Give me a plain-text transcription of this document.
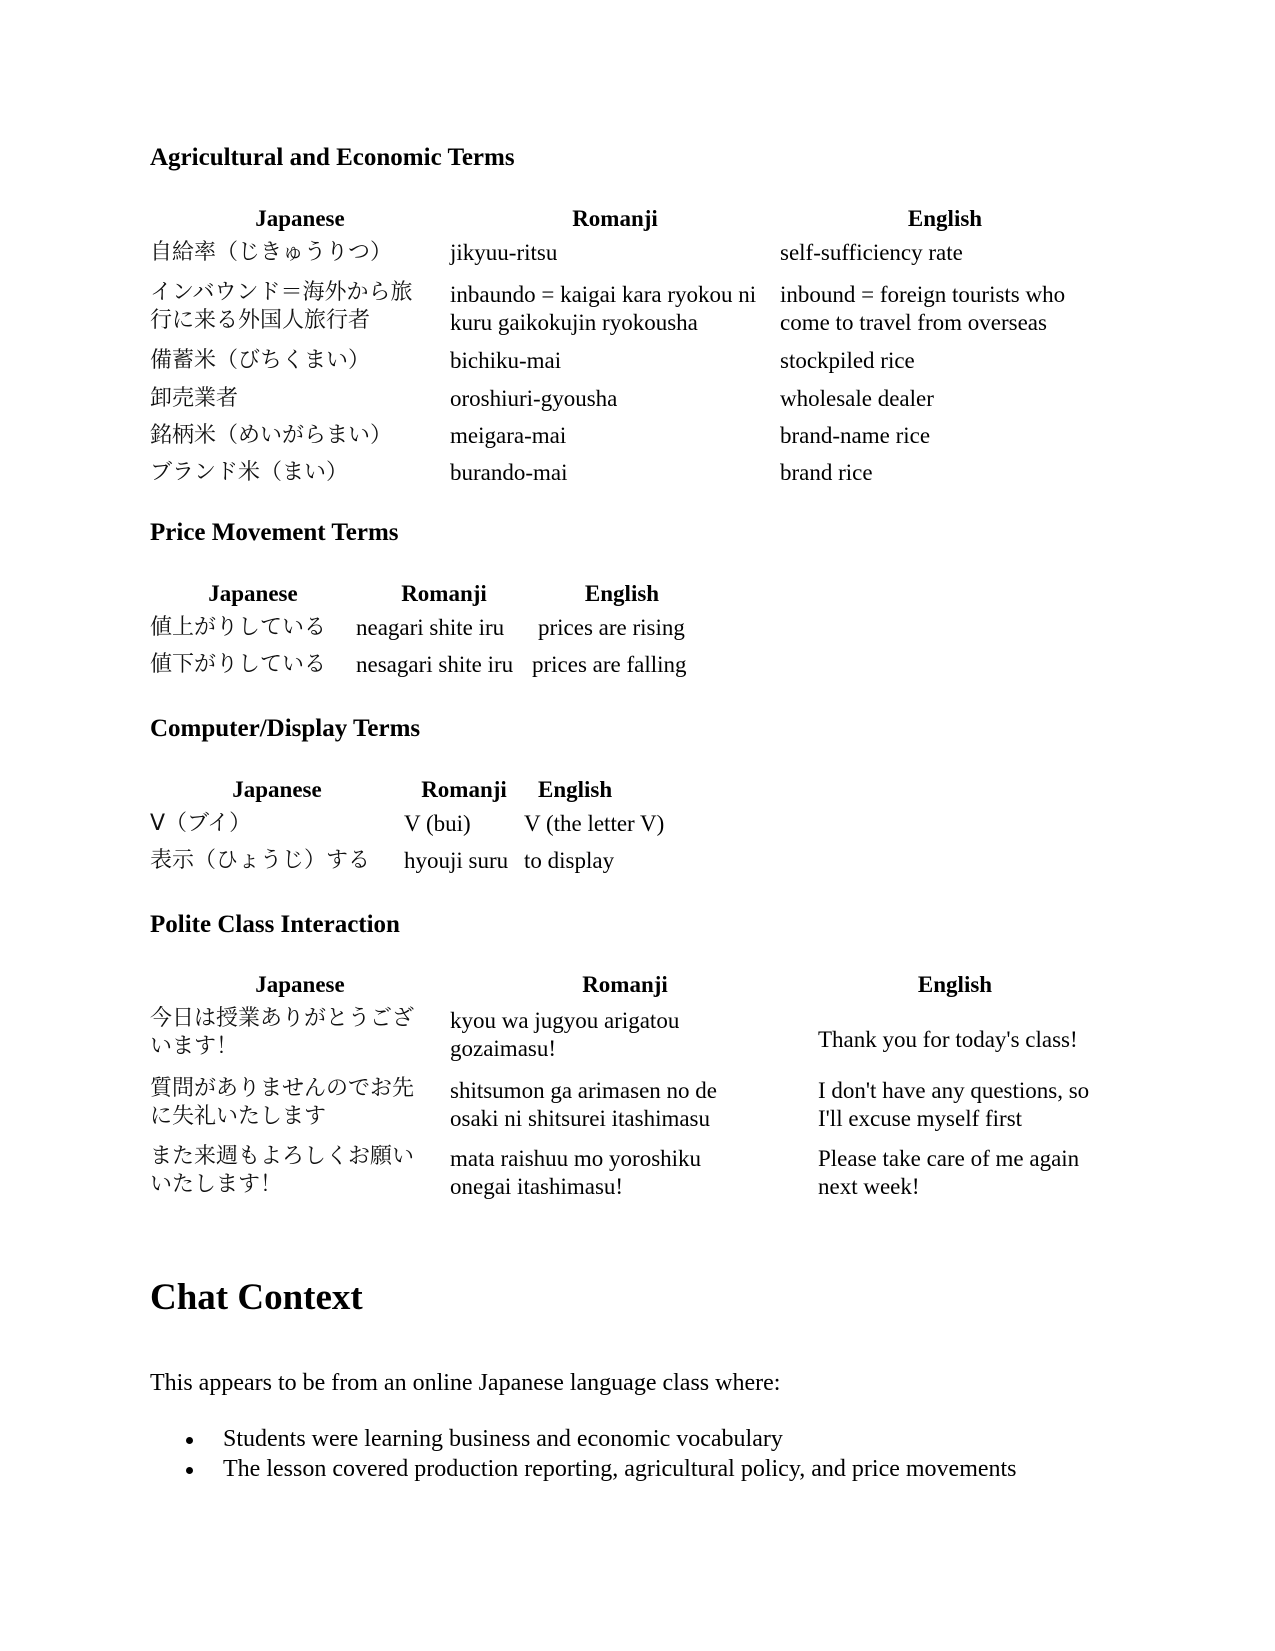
Agricultural and Economic Terms
Japanese	Romanji	English
自給率（じきゅうりつ）	jikyuu-ritsu	self-sufficiency rate
インバウンド＝海外から旅行に来る外国人旅行者	inbaundo = kaigai kara ryokou ni kuru gaikokujin ryokousha	inbound = foreign tourists who come to travel from overseas
備蓄米（びちくまい）	bichiku-mai	stockpiled rice
卸売業者	oroshiuri-gyousha	wholesale dealer
銘柄米（めいがらまい）	meigara-mai	brand-name rice
ブランド米（まい）	burando-mai	brand rice
Price Movement Terms
Japanese	Romanji	English
値上がりしている	neagari shite iru	prices are rising
値下がりしている	nesagari shite iru	prices are falling
Computer/Display Terms
Japanese	Romanji	English
V（ブイ）	V (bui)	V (the letter V)
表示（ひょうじ）する	hyouji suru	to display
Polite Class Interaction
Japanese	Romanji	English
今日は授業ありがとうございます！	kyou wa jugyou arigatou gozaimasu!	Thank you for today's class!
質問がありませんのでお先に失礼いたします	shitsumon ga arimasen no de osaki ni shitsurei itashimasu	I don't have any questions, so I'll excuse myself first
また来週もよろしくお願いいたします！	mata raishuu mo yoroshiku onegai itashimasu!	Please take care of me again next week!
Chat Context

This appears to be from an online Japanese language class where:

Students were learning business and economic vocabulary
The lesson covered production reporting, agricultural policy, and price movements
